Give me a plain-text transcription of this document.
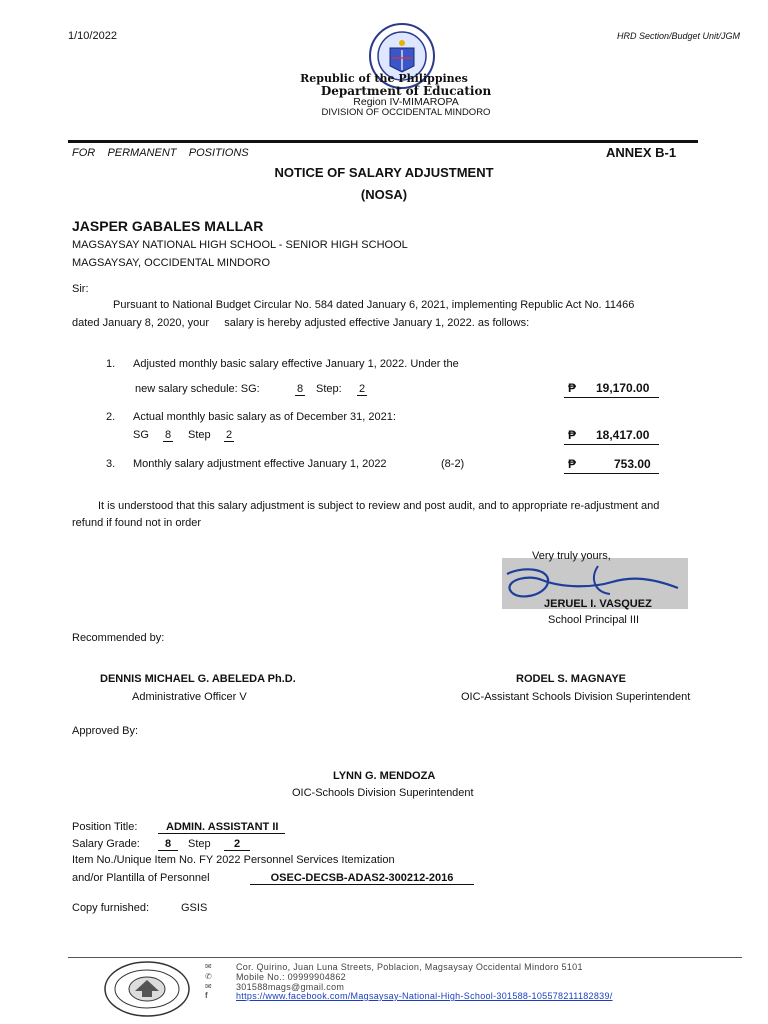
1/10/2022	HRD Section/Budget Unit/JGM
Republic of the Philippines
Department of Education
Region IV-MIMAROPA
DIVISION OF OCCIDENTAL MINDORO
FOR    PERMANENT    POSITIONS	ANNEX B-1
NOTICE OF SALARY ADJUSTMENT
(NOSA)
JASPER GABALES MALLAR
MAGSAYSAY NATIONAL HIGH SCHOOL - SENIOR HIGH SCHOOL
MAGSAYSAY, OCCIDENTAL MINDORO
Sir:
Pursuant to National Budget Circular No. 584 dated January 6, 2021, implementing Republic Act No. 11466
dated January 8, 2020, your     salary is hereby adjusted effective January 1, 2022. as follows:
1. Adjusted monthly basic salary effective January 1, 2022. Under the
new salary schedule: SG:	8 Step: 2	₱ 19,170.00
2. Actual monthly basic salary as of December 31, 2021:
SG 8 Step 2	₱ 18,417.00
3. Monthly salary adjustment effective January 1, 2022	(8-2)	₱	753.00
It is understood that this salary adjustment is subject to review and post audit, and to appropriate re-adjustment and
refund if found not in order
Very truly yours,
JERUEL I. VASQUEZ
School Principal III
Recommended by:
DENNIS MICHAEL G. ABELEDA Ph.D.
Administrative Officer V
RODEL S. MAGNAYE
OIC-Assistant Schools Division Superintendent
Approved By:
LYNN G. MENDOZA
OIC-Schools Division Superintendent
Position Title:	ADMIN. ASSISTANT II
Salary Grade:	8	Step	2
Item No./Unique Item No. FY 2022 Personnel Services Itemization
and/or Plantilla of Personnel	OSEC-DECSB-ADAS2-300212-2016
Copy furnished:	GSIS
✉	Cor. Quirino, Juan Luna Streets, Poblacion, Magsaysay Occidental Mindoro 5101
✆	Mobile No.: 09999904862
✉	301588mags@gmail.com
f	https://www.facebook.com/Magsaysay-National-High-School-301588-105578211182839/
